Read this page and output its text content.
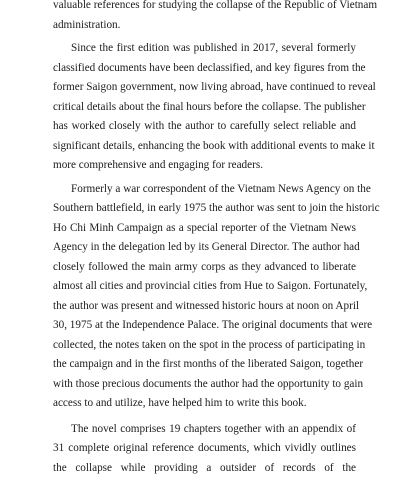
valuable references for studying the collapse of the Republic of Vietnam
administration.

Since the first edition was published in 2017, several formerly
classified documents have been declassified, and key figures from the
former Saigon government, now living abroad, have continued to reveal
critical details about the final hours before the collapse. The publisher
has worked closely with the author to carefully select reliable and
significant details, enhancing the book with additional events to make it
more comprehensive and engaging for readers.

Formerly a war correspondent of the Vietnam News Agency on the
Southern battlefield, in early 1975 the author was sent to join the historic
Ho Chi Minh Campaign as a special reporter of the Vietnam News
Agency in the delegation led by its General Director. The author had
closely followed the main army corps as they advanced to liberate
almost all cities and provincial cities from Hue to Saigon. Fortunately,
the author was present and witnessed historic hours at noon on April
30, 1975 at the Independence Palace. The original documents that were
collected, the notes taken on the spot in the process of participating in
the campaign and in the first months of the liberated Saigon, together
with those precious documents the author had the opportunity to gain
access to and utilize, have helped him to write this book.

The novel comprises 19 chapters together with an appendix of
31 complete original reference documents, which vividly outlines
the collapse while providing a outsider of records of the
